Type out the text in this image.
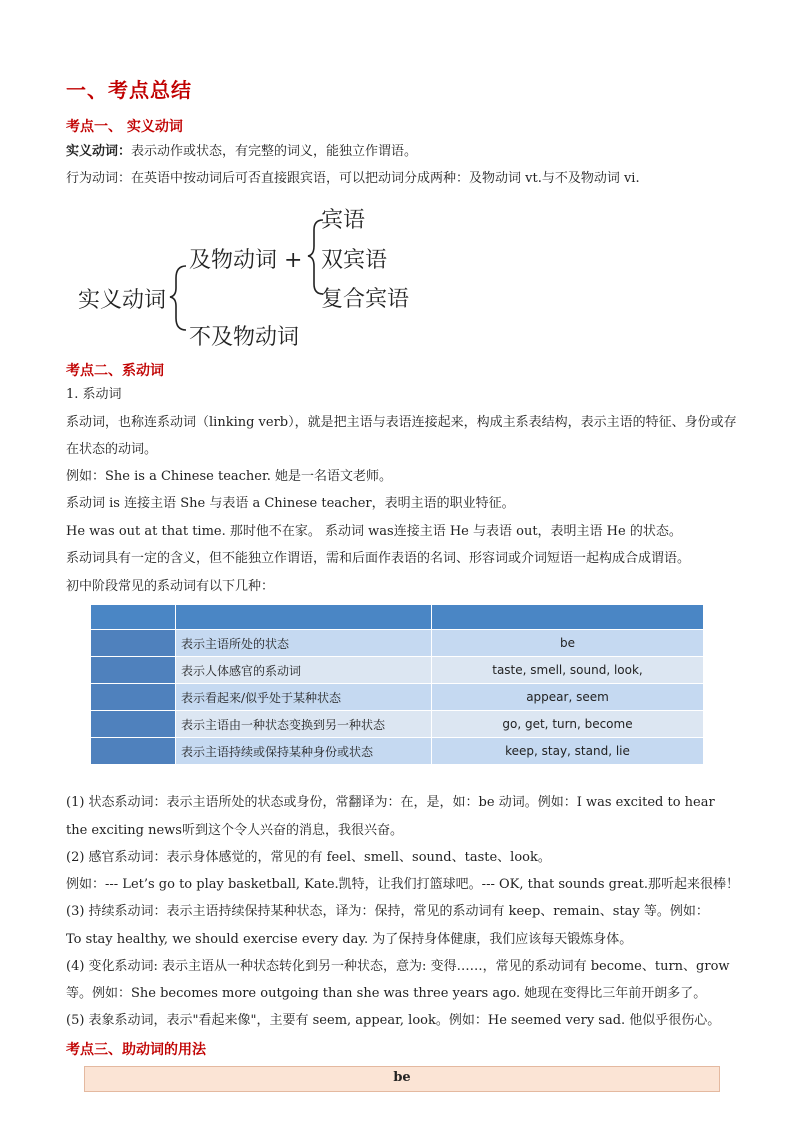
一、考点总结
考点一、 实义动词
实义动词：表示动作或状态，有完整的词义，能独立作谓语。
行为动词：在英语中按动词后可否直接跟宾语，可以把动词分成两种：及物动词 vt.与不及物动词 vi.
实义动词
及物动词 +
不及物动词
宾语
双宾语
复合宾语
考点二、系动词
1. 系动词
系动词，也称连系动词（linking verb），就是把主语与表语连接起来，构成主系表结构，表示主语的特征、身份或存在状态的动词。
例如：She is a Chinese teacher. 她是一名语文老师。
系动词 is 连接主语 She 与表语 a Chinese teacher，表明主语的职业特征。
He was out at that time. 那时他不在家。 系动词 was连接主语 He 与表语 out，表明主语 He 的状态。
系动词具有一定的含义，但不能独立作谓语，需和后面作表语的名词、形容词或介词短语一起构成合成谓语。
初中阶段常见的系动词有以下几种：

	表示主语所处的状态	be
	表示人体感官的系动词	taste, smell, sound, look,
	表示看起来/似乎处于某种状态	appear, seem
	表示主语由一种状态变换到另一种状态	go, get, turn, become
	表示主语持续或保持某种身份或状态	keep, stay, stand, lie
(1) 状态系动词：表示主语所处的状态或身份，常翻译为：在，是，如：be 动词。例如：I was excited to hear
the exciting news听到这个令人兴奋的消息，我很兴奋。
(2) 感官系动词：表示身体感觉的，常见的有 feel、smell、sound、taste、look。
例如：--- Let’s go to play basketball, Kate.凯特，让我们打篮球吧。--- OK, that sounds great.那听起来很棒！
(3) 持续系动词：表示主语持续保持某种状态，译为：保持，常见的系动词有 keep、remain、stay 等。例如：
To stay healthy, we should exercise every day. 为了保持身体健康，我们应该每天锻炼身体。
(4) 变化系动词: 表示主语从一种状态转化到另一种状态，意为: 变得……，常见的系动词有 become、turn、grow
等。例如：She becomes more outgoing than she was three years ago. 她现在变得比三年前开朗多了。
(5) 表象系动词，表示"看起来像"，主要有 seem, appear, look。例如：He seemed very sad. 他似乎很伤心。
考点三、助动词的用法
be
